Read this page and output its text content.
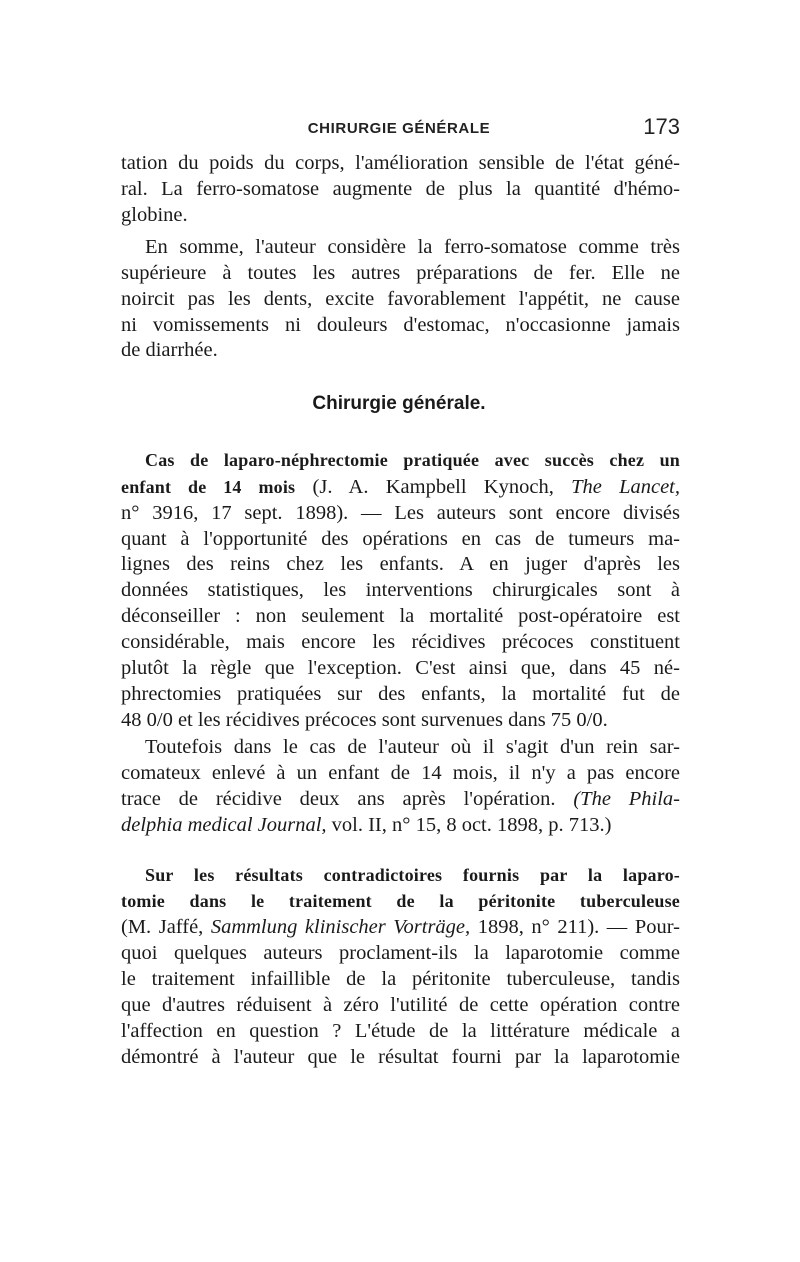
CHIRURGIE GÉNÉRALE	173
tation du poids du corps, l'amélioration sensible de l'état géné-
ral. La ferro-somatose augmente de plus la quantité d'hémo-
globine.
En somme, l'auteur considère la ferro-somatose comme très
supérieure à toutes les autres préparations de fer. Elle ne
noircit pas les dents, excite favorablement l'appétit, ne cause
ni vomissements ni douleurs d'estomac, n'occasionne jamais
de diarrhée.
Chirurgie générale.
Cas de laparo-néphrectomie pratiquée avec succès chez un
enfant de 14 mois (J. A. Kampbell Kynoch, The Lancet,
n° 3916, 17 sept. 1898). — Les auteurs sont encore divisés
quant à l'opportunité des opérations en cas de tumeurs ma-
lignes des reins chez les enfants. A en juger d'après les
données statistiques, les interventions chirurgicales sont à
déconseiller : non seulement la mortalité post-opératoire est
considérable, mais encore les récidives précoces constituent
plutôt la règle que l'exception. C'est ainsi que, dans 45 né-
phrectomies pratiquées sur des enfants, la mortalité fut de
48 0/0 et les récidives précoces sont survenues dans 75 0/0.
Toutefois dans le cas de l'auteur où il s'agit d'un rein sar-
comateux enlevé à un enfant de 14 mois, il n'y a pas encore
trace de récidive deux ans après l'opération. (The Phila-
delphia medical Journal, vol. II, n° 15, 8 oct. 1898, p. 713.)
Sur les résultats contradictoires fournis par la laparo-
tomie dans le traitement de la péritonite tuberculeuse
(M. Jaffé, Sammlung klinischer Vorträge, 1898, n° 211). — Pour-
quoi quelques auteurs proclament-ils la laparotomie comme
le traitement infaillible de la péritonite tuberculeuse, tandis
que d'autres réduisent à zéro l'utilité de cette opération contre
l'affection en question ? L'étude de la littérature médicale a
démontré à l'auteur que le résultat fourni par la laparotomie
